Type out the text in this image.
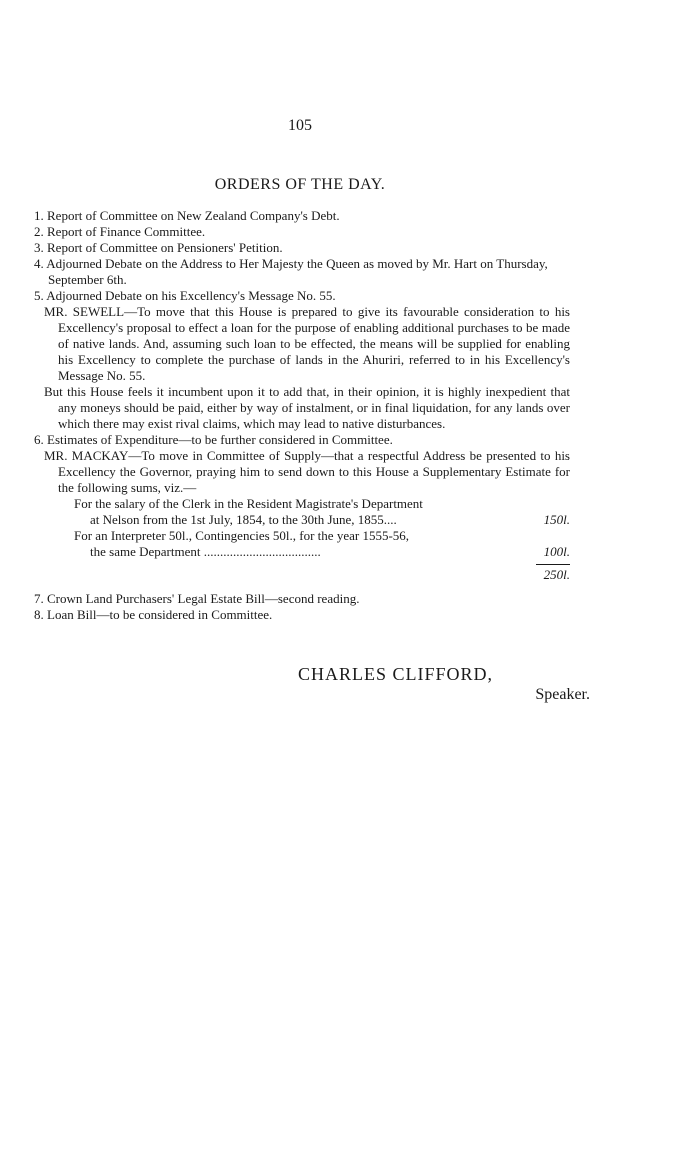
105
ORDERS OF THE DAY.

1. Report of Committee on New Zealand Company's Debt.

2. Report of Finance Committee.

3. Report of Committee on Pensioners' Petition.

4. Adjourned Debate on the Address to Her Majesty the Queen as moved by Mr. Hart on Thursday, September 6th.

5. Adjourned Debate on his Excellency's Message No. 55.

MR. SEWELL—To move that this House is prepared to give its favourable consideration to his Excellency's proposal to effect a loan for the purpose of enabling additional purchases to be made of native lands. And, assuming such loan to be effected, the means will be supplied for enabling his Excellency to complete the purchase of lands in the Ahuriri, referred to in his Excellency's Message No. 55.

But this House feels it incumbent upon it to add that, in their opinion, it is highly inexpedient that any moneys should be paid, either by way of instalment, or in final liquidation, for any lands over which there may exist rival claims, which may lead to native disturbances.

6. Estimates of Expenditure—to be further considered in Committee.

MR. MACKAY—To move in Committee of Supply—that a respectful Address be presented to his Excellency the Governor, praying him to send down to this House a Supplementary Estimate for the following sums, viz.—

For the salary of the Clerk in the Resident Magistrate's Department
at Nelson from the 1st July, 1854, to the 30th June, 1855....	150l.
For an Interpreter 50l., Contingencies 50l., for the year 1555-56,
the same Department ....................................	100l.
250l.

7. Crown Land Purchasers' Legal Estate Bill—second reading.

8. Loan Bill—to be considered in Committee.

CHARLES CLIFFORD,
Speaker.
